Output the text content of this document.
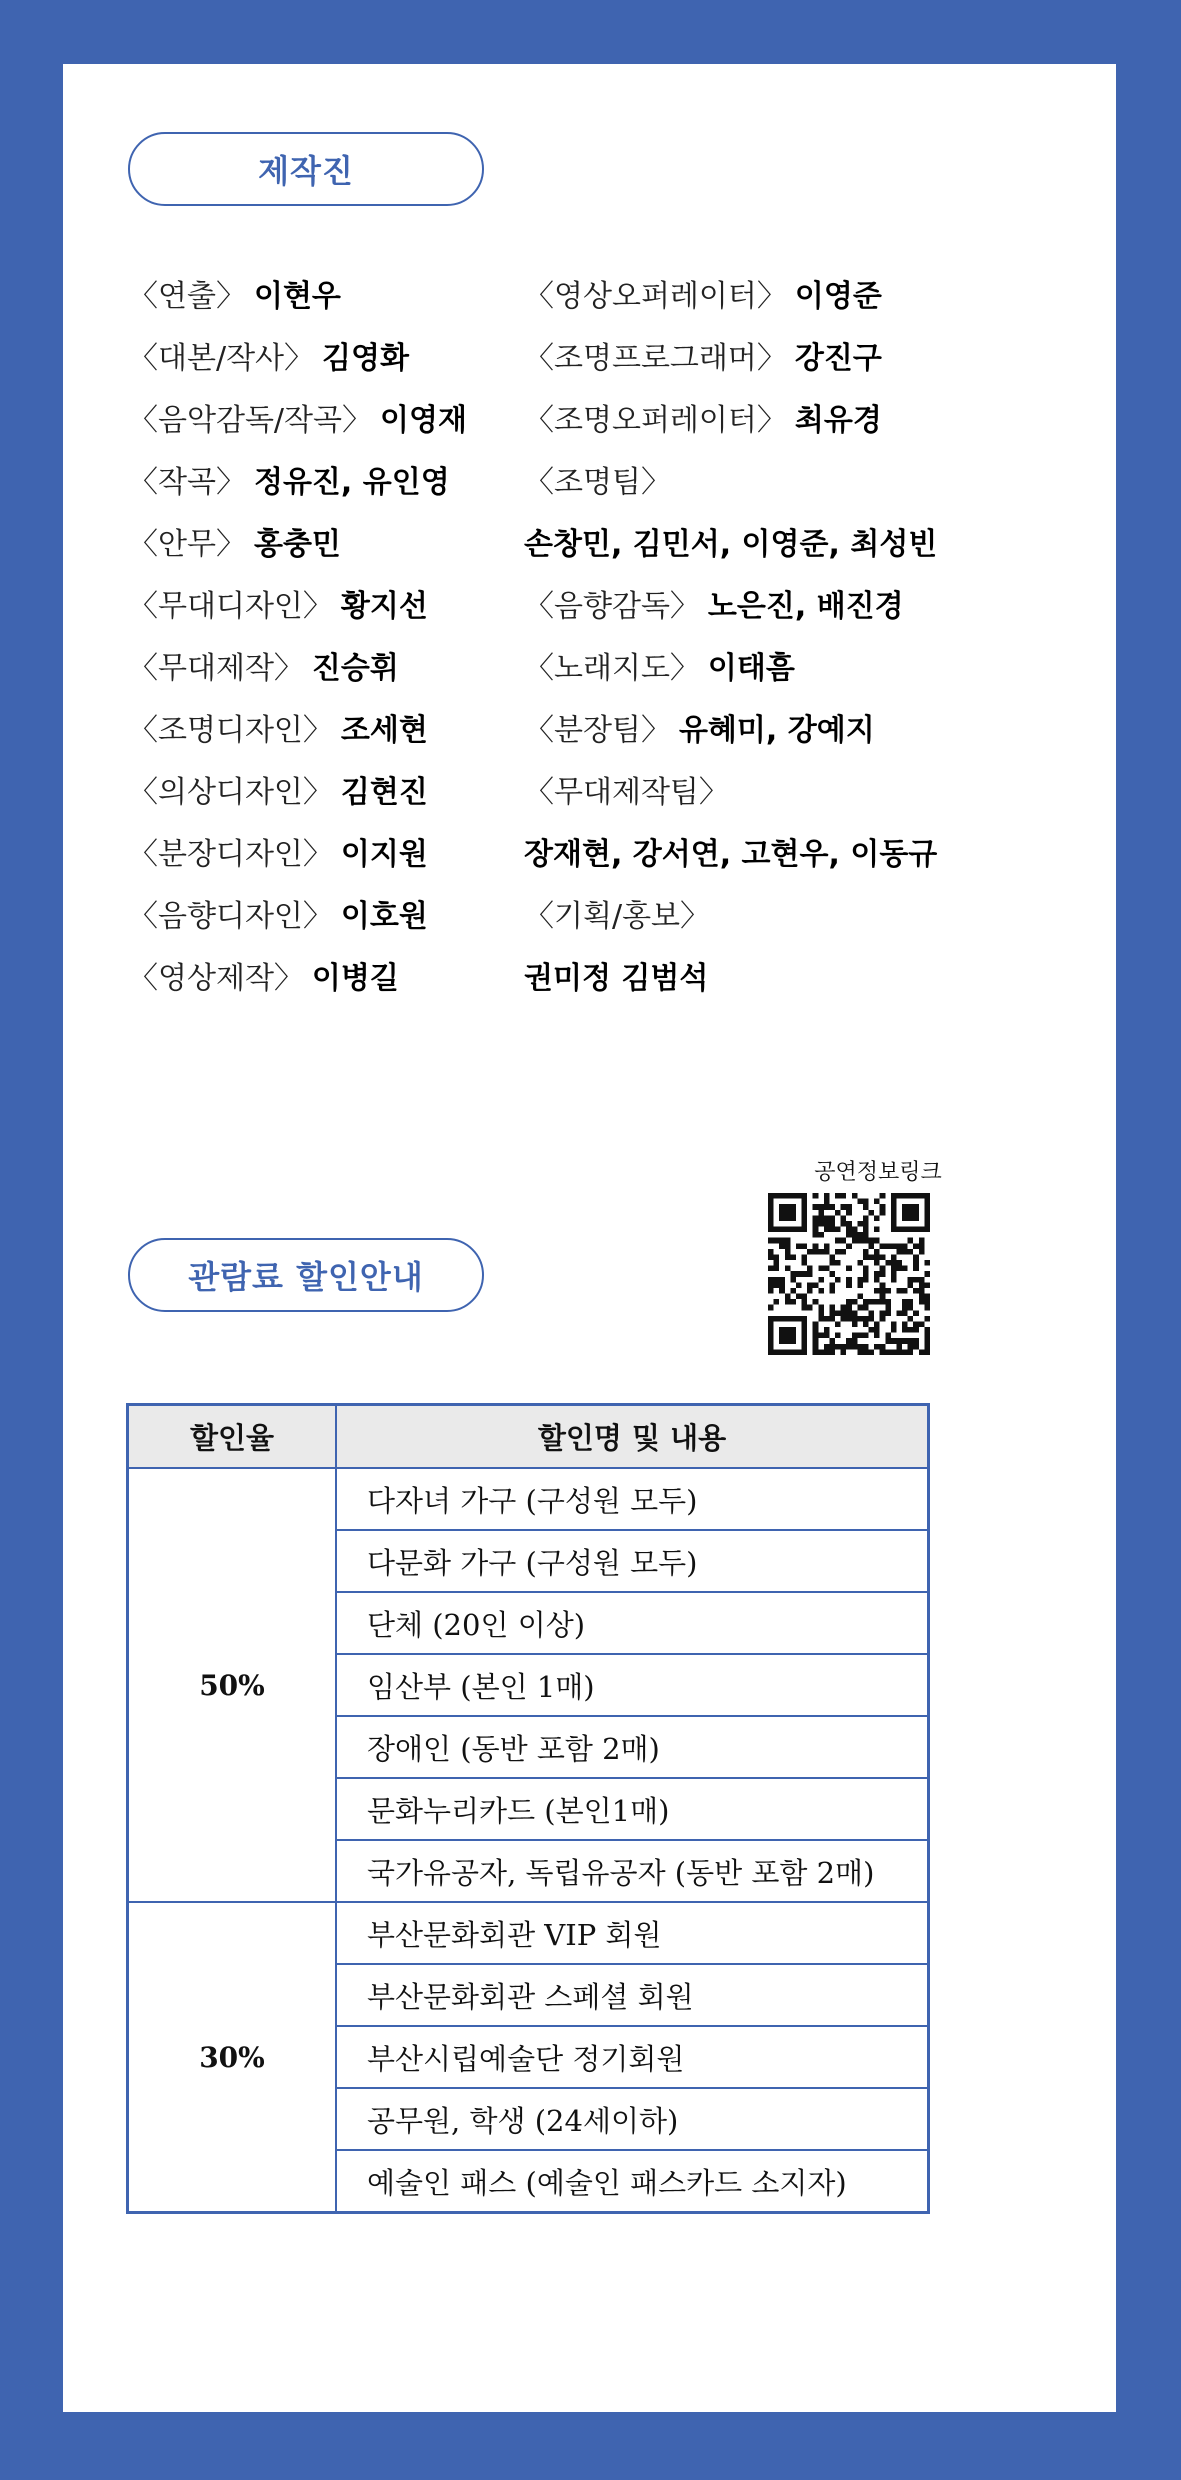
제작진
〈연출〉 이현우
〈대본/작사〉 김영화
〈음악감독/작곡〉 이영재
〈작곡〉 정유진, 유인영
〈안무〉 홍충민
〈무대디자인〉 황지선
〈무대제작〉 진승휘
〈조명디자인〉 조세현
〈의상디자인〉 김현진
〈분장디자인〉 이지원
〈음향디자인〉 이호원
〈영상제작〉 이병길
〈영상오퍼레이터〉 이영준
〈조명프로그래머〉 강진구
〈조명오퍼레이터〉 최유경
〈조명팀〉
손창민, 김민서, 이영준, 최성빈
〈음향감독〉 노은진, 배진경
〈노래지도〉 이태흠
〈분장팀〉 유혜미, 강예지
〈무대제작팀〉
장재현, 강서연, 고현우, 이동규
〈기획/홍보〉
권미정 김범석
공연정보링크
관람료 할인안내
할인율	할인명 및 내용
50%	다자녀 가구 (구성원 모두)
	다문화 가구 (구성원 모두)
	단체 (20인 이상)
	임산부 (본인 1매)
	장애인 (동반 포함 2매)
	문화누리카드 (본인1매)
	국가유공자, 독립유공자 (동반 포함 2매)
30%	부산문화회관 VIP 회원
	부산문화회관 스페셜 회원
	부산시립예술단 정기회원
	공무원, 학생 (24세이하)
	예술인 패스 (예술인 패스카드 소지자)
